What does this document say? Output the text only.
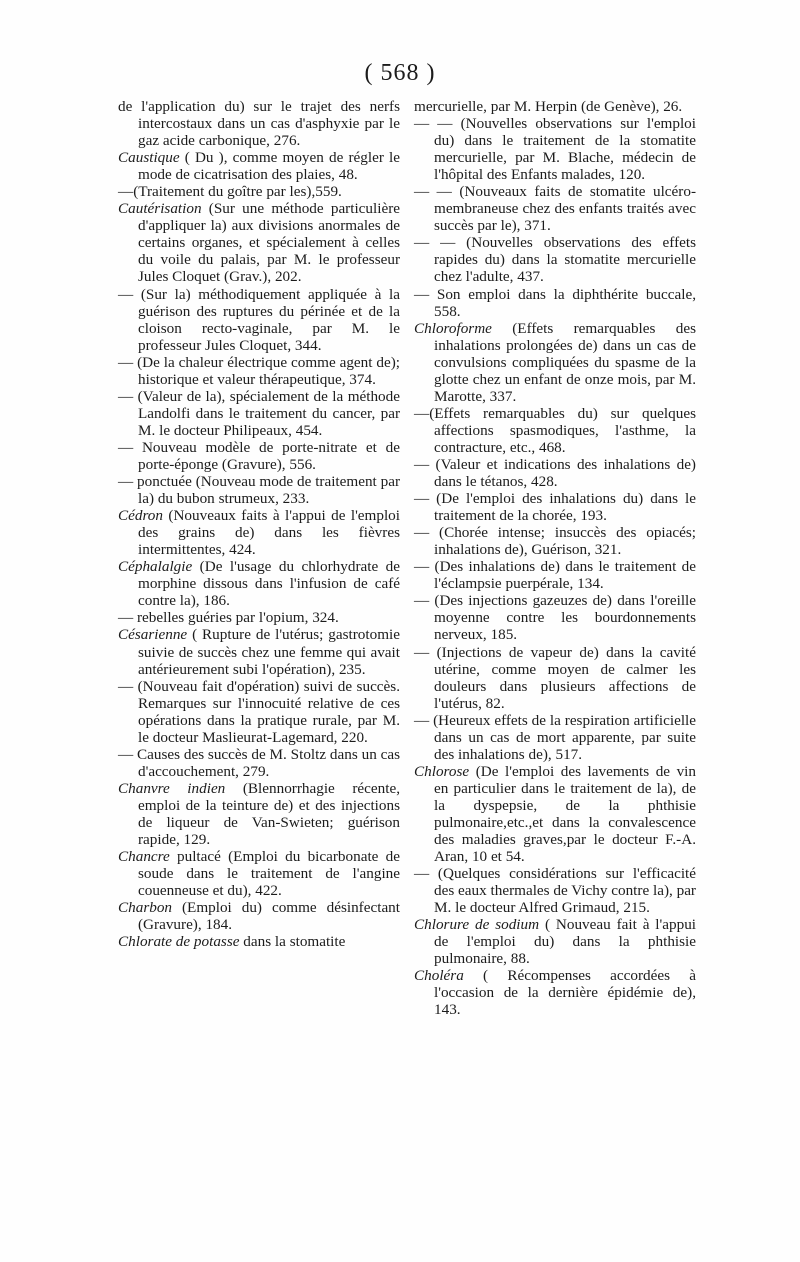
( 568 )

de l'application du) sur le trajet des nerfs intercostaux dans un cas d'asphyxie par le gaz acide carbonique, 276.

Caustique ( Du ), comme moyen de régler le mode de cicatrisation des plaies, 48.

—(Traitement du goître par les),559.

Cautérisation (Sur une méthode particulière d'appliquer la) aux divisions anormales de certains organes, et spécialement à celles du voile du palais, par M. le professeur Jules Cloquet (Grav.), 202.

— (Sur la) méthodiquement appliquée à la guérison des ruptures du périnée et de la cloison recto-vaginale, par M. le professeur Jules Cloquet, 344.

— (De la chaleur électrique comme agent de); historique et valeur thérapeutique, 374.

— (Valeur de la), spécialement de la méthode Landolfi dans le traitement du cancer, par M. le docteur Philipeaux, 454.

— Nouveau modèle de porte-nitrate et de porte-éponge (Gravure), 556.

— ponctuée (Nouveau mode de traitement par la) du bubon strumeux, 233.

Cédron (Nouveaux faits à l'appui de l'emploi des grains de) dans les fièvres intermittentes, 424.

Céphalalgie (De l'usage du chlorhydrate de morphine dissous dans l'infusion de café contre la), 186.

— rebelles guéries par l'opium, 324.

Césarienne ( Rupture de l'utérus; gastrotomie suivie de succès chez une femme qui avait antérieurement subi l'opération), 235.

— (Nouveau fait d'opération) suivi de succès. Remarques sur l'innocuité relative de ces opérations dans la pratique rurale, par M. le docteur Maslieurat-Lagemard, 220.

— Causes des succès de M. Stoltz dans un cas d'accouchement, 279.

Chanvre indien (Blennorrhagie récente, emploi de la teinture de) et des injections de liqueur de Van-Swieten; guérison rapide, 129.

Chancre pultacé (Emploi du bicarbonate de soude dans le traitement de l'angine couenneuse et du), 422.

Charbon (Emploi du) comme désinfectant (Gravure), 184.

Chlorate de potasse dans la stomatite

mercurielle, par M. Herpin (de Genève), 26.

— — (Nouvelles observations sur l'emploi du) dans le traitement de la stomatite mercurielle, par M. Blache, médecin de l'hôpital des Enfants malades, 120.

— — (Nouveaux faits de stomatite ulcéro-membraneuse chez des enfants traités avec succès par le), 371.

— — (Nouvelles observations des effets rapides du) dans la stomatite mercurielle chez l'adulte, 437.

— Son emploi dans la diphthérite buccale, 558.

Chloroforme (Effets remarquables des inhalations prolongées de) dans un cas de convulsions compliquées du spasme de la glotte chez un enfant de onze mois, par M. Marotte, 337.

—(Effets remarquables du) sur quelques affections spasmodiques, l'asthme, la contracture, etc., 468.

— (Valeur et indications des inhalations de) dans le tétanos, 428.

— (De l'emploi des inhalations du) dans le traitement de la chorée, 193.

— (Chorée intense; insuccès des opiacés; inhalations de), Guérison, 321.

— (Des inhalations de) dans le traitement de l'éclampsie puerpérale, 134.

— (Des injections gazeuzes de) dans l'oreille moyenne contre les bourdonnements nerveux, 185.

— (Injections de vapeur de) dans la cavité utérine, comme moyen de calmer les douleurs dans plusieurs affections de l'utérus, 82.

— (Heureux effets de la respiration artificielle dans un cas de mort apparente, par suite des inhalations de), 517.

Chlorose (De l'emploi des lavements de vin en particulier dans le traitement de la), de la dyspepsie, de la phthisie pulmonaire,etc.,et dans la convalescence des maladies graves,par le docteur F.-A. Aran, 10 et 54.

— (Quelques considérations sur l'efficacité des eaux thermales de Vichy contre la), par M. le docteur Alfred Grimaud, 215.

Chlorure de sodium ( Nouveau fait à l'appui de l'emploi du) dans la phthisie pulmonaire, 88.

Choléra ( Récompenses accordées à l'occasion de la dernière épidémie de), 143.
